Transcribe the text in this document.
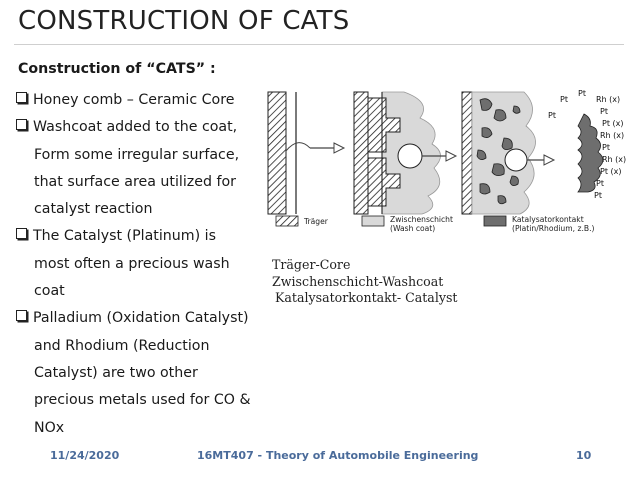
CONSTRUCTION OF CATS
Construction of “CATS” :
Honey comb – Ceramic Core
Washcoat added to the coat,
Form some irregular surface,
that surface area utilized for
catalyst reaction
The Catalyst (Platinum) is
most often a precious wash
coat
Palladium (Oxidation Catalyst)
and Rhodium (Reduction
Catalyst) are two other
precious metals used for CO &
NOx
Pt
Pt
Rh (x)
Pt	Pt
Pt (x)
Rh (x)
Pt
Rh (x)
Pt (x)
Pt
Pt
Träger	Zwischenschicht
(Wash coat)
Katalysatorkontakt
(Platin/Rhodium, z.B.)
Träger-Core
Zwischenschicht-Washcoat
Katalysatorkontakt- Catalyst
11/24/2020	16MT407 - Theory of Automobile Engineering	10
